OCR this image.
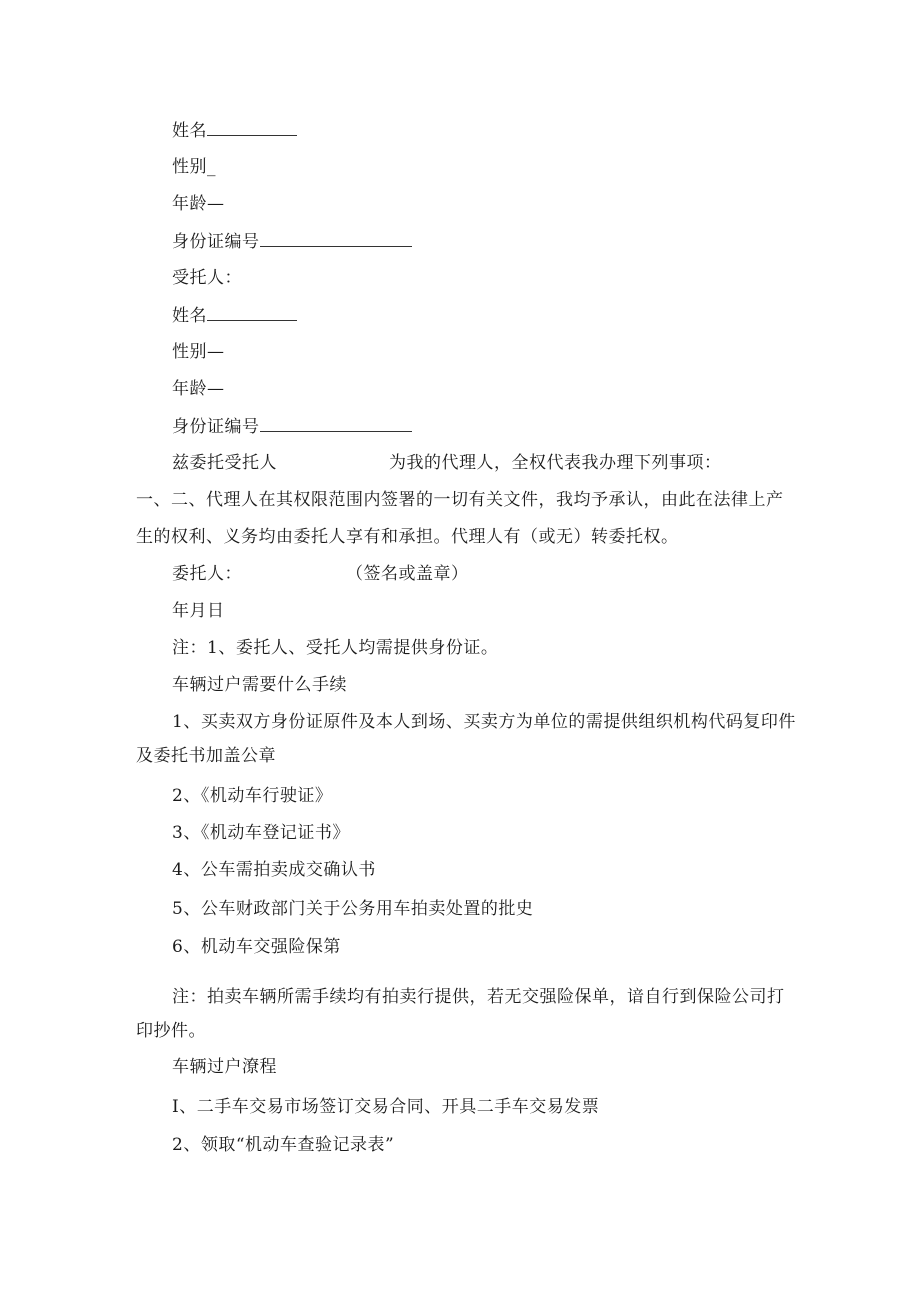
姓名
性别_
年龄—
身份证编号
受托人：
姓名
性别—
年龄—
身份证编号
兹委托受托人	为我的代理人，全权代表我办理下列事项：
一、二、代理人在其权限范围内签署的一切有关文件，我均予承认，由此在法律上产
生的权利、义务均由委托人享有和承担。代理人有（或无）转委托权。
委托人：	（签名或盖章）
年月日
注：1、委托人、受托人均需提供身份证。
车辆过户需要什么手续
1、买卖双方身份证原件及本人到场、买卖方为单位的需提供组织机构代码复印件
及委托书加盖公章
2、《机动车行驶证》
3、《机动车登记证书》
4、公车需拍卖成交确认书
5、公车财政部门关于公务用车拍卖处置的批史
6、机动车交强险保第
注：拍卖车辆所需手续均有拍卖行提供，若无交强险保单，谙自行到保险公司打
印抄件。
车辆过户潦程
I、二手车交易市场签订交易合同、开具二手车交易发票
2、领取“机动车查验记录表”
